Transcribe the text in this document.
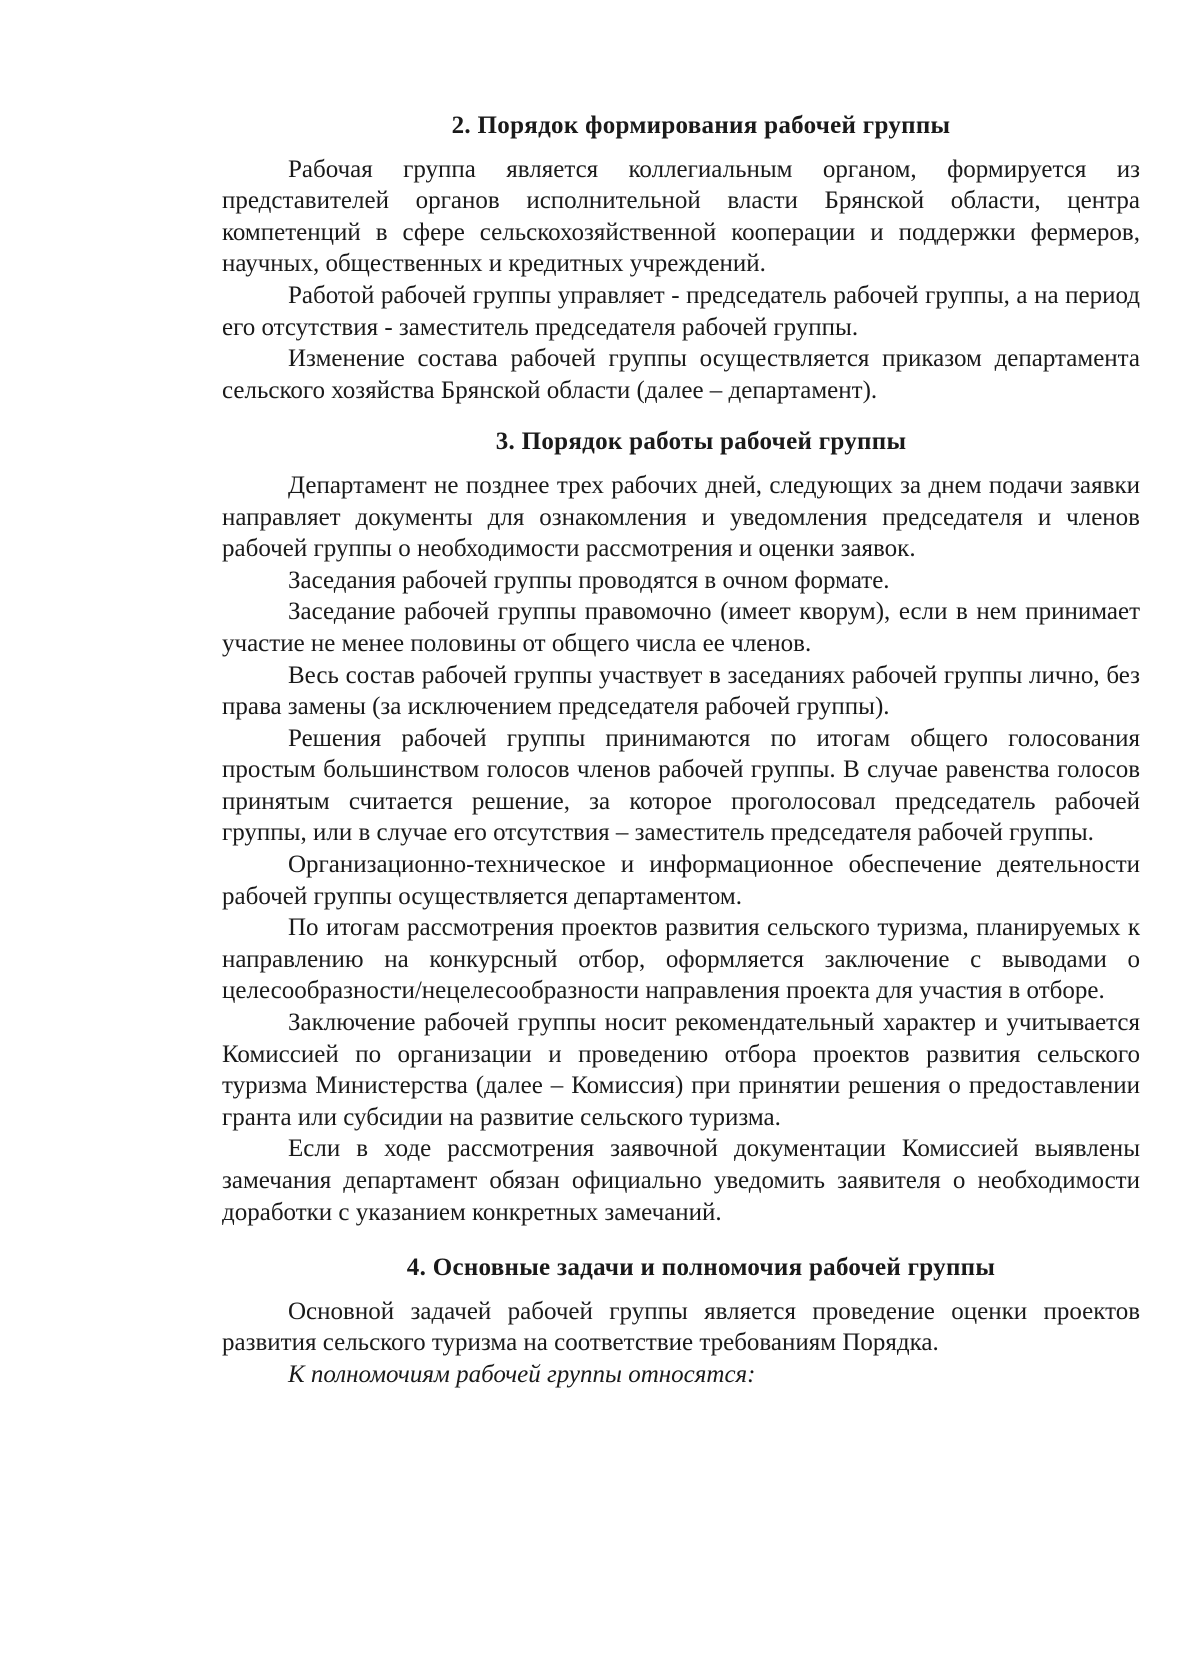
2. Порядок формирования рабочей группы

Рабочая группа является коллегиальным органом, формируется из представителей органов исполнительной власти Брянской области, центра компетенций в сфере сельскохозяйственной кооперации и поддержки фермеров, научных, общественных и кредитных учреждений.

Работой рабочей группы управляет - председатель рабочей группы, а на период его отсутствия - заместитель председателя рабочей группы.

Изменение состава рабочей группы осуществляется приказом департамента сельского хозяйства Брянской области (далее – департамент).

3. Порядок работы рабочей группы

Департамент не позднее трех рабочих дней, следующих за днем подачи заявки направляет документы для ознакомления и уведомления председателя и членов рабочей группы о необходимости рассмотрения и оценки заявок.

Заседания рабочей группы проводятся в очном формате.

Заседание рабочей группы правомочно (имеет кворум), если в нем принимает участие не менее половины от общего числа ее членов.

Весь состав рабочей группы участвует в заседаниях рабочей группы лично, без права замены (за исключением председателя рабочей группы).

Решения рабочей группы принимаются по итогам общего голосования простым большинством голосов членов рабочей группы. В случае равенства голосов принятым считается решение, за которое проголосовал председатель рабочей группы, или в случае его отсутствия – заместитель председателя рабочей группы.

Организационно-техническое и информационное обеспечение деятельности рабочей группы осуществляется департаментом.

По итогам рассмотрения проектов развития сельского туризма, планируемых к направлению на конкурсный отбор, оформляется заключение с выводами о целесообразности/нецелесообразности направления проекта для участия в отборе.

Заключение рабочей группы носит рекомендательный характер и учитывается Комиссией по организации и проведению отбора проектов развития сельского туризма Министерства (далее – Комиссия) при принятии решения о предоставлении гранта или субсидии на развитие сельского туризма.

Если в ходе рассмотрения заявочной документации Комиссией выявлены замечания департамент обязан официально уведомить заявителя о необходимости доработки с указанием конкретных замечаний.

4. Основные задачи и полномочия рабочей группы

Основной задачей рабочей группы является проведение оценки проектов развития сельского туризма на соответствие требованиям Порядка.

К полномочиям рабочей группы относятся:
